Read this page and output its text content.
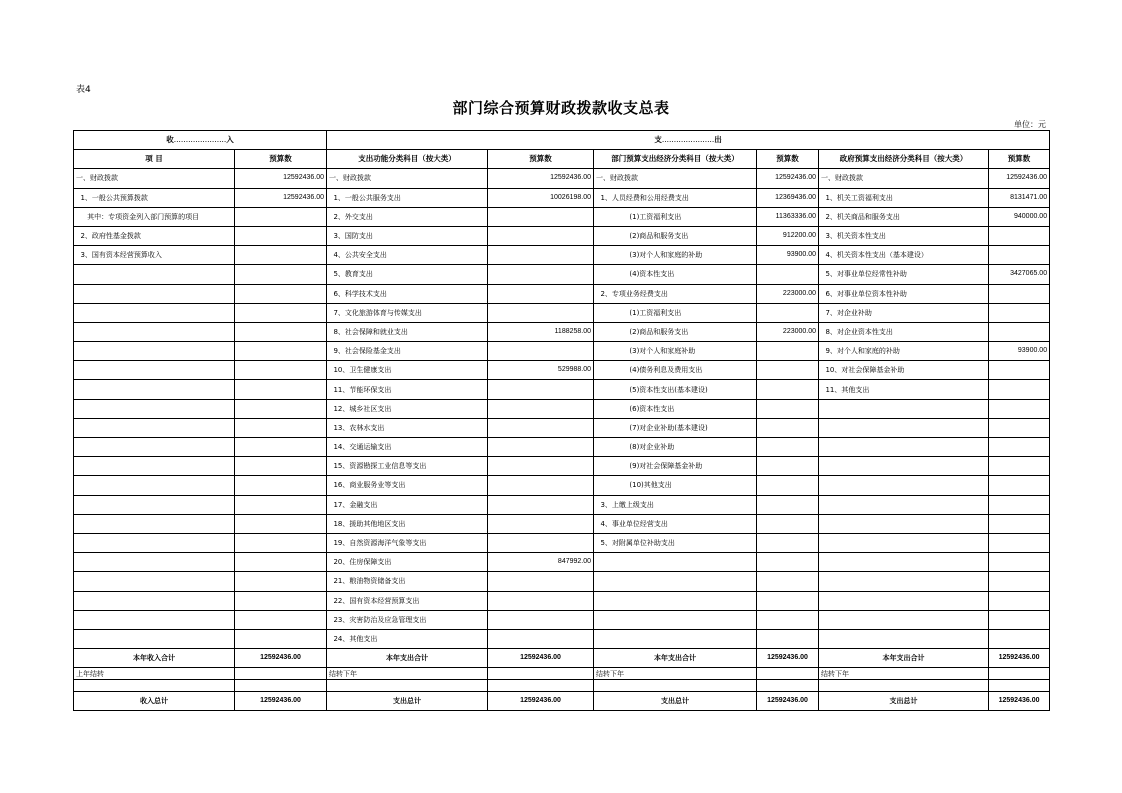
表4
部门综合预算财政拨款收支总表
单位：元
收......................入		支......................出					
项 目	预算数	支出功能分类科目（按大类）	预算数	部门预算支出经济分类科目（按大类）	预算数	政府预算支出经济分类科目（按大类）	预算数
一、财政拨款	12592436.00	一、财政拨款	12592436.00	一、财政拨款	12592436.00	一、财政拨款	12592436.00
1、一般公共预算拨款	12592436.00	1、一般公共服务支出	10026198.00	1、人员经费和公用经费支出	12369436.00	1、机关工资福利支出	8131471.00
其中：专项资金列入部门预算的项目		2、外交支出		(1)工资福利支出	11363336.00	2、机关商品和服务支出	940000.00
2、政府性基金拨款		3、国防支出		(2)商品和服务支出	912200.00	3、机关资本性支出	
3、国有资本经营预算收入		4、公共安全支出		(3)对个人和家庭的补助	93900.00	4、机关资本性支出（基本建设）	
		5、教育支出		(4)资本性支出		5、对事业单位经常性补助	3427065.00
		6、科学技术支出		2、专项业务经费支出	223000.00	6、对事业单位资本性补助	
		7、文化旅游体育与传媒支出		(1)工资福利支出		7、对企业补助	
		8、社会保障和就业支出	1188258.00	(2)商品和服务支出	223000.00	8、对企业资本性支出	
		9、社会保险基金支出		(3)对个人和家庭补助		9、对个人和家庭的补助	93900.00
		10、卫生健康支出	529988.00	(4)债务利息及费用支出		10、对社会保障基金补助	
		11、节能环保支出		(5)资本性支出(基本建设)		11、其他支出	
		12、城乡社区支出		(6)资本性支出			
		13、农林水支出		(7)对企业补助(基本建设)			
		14、交通运输支出		(8)对企业补助			
		15、资源勘探工业信息等支出		(9)对社会保障基金补助			
		16、商业服务业等支出		(10)其他支出			
		17、金融支出		3、上缴上级支出			
		18、援助其他地区支出		4、事业单位经营支出			
		19、自然资源海洋气象等支出		5、对附属单位补助支出			
		20、住房保障支出	847992.00				
		21、粮油物资储备支出					
		22、国有资本经营预算支出					
		23、灾害防治及应急管理支出					
		24、其他支出					
本年收入合计	12592436.00	本年支出合计	12592436.00	本年支出合计	12592436.00	本年支出合计	12592436.00
上年结转		结转下年		结转下年		结转下年	

收入总计	12592436.00	支出总计	12592436.00	支出总计	12592436.00	支出总计	12592436.00
